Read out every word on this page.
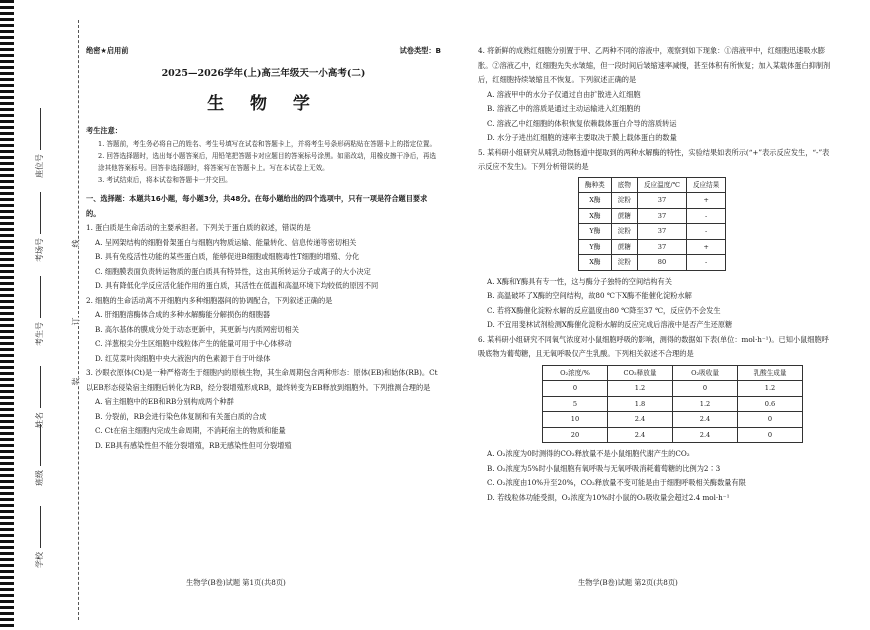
座位号
考场号
考生号
姓名
班级
学校
线
订
装
绝密★启用前	试卷类型：B
2025—2026学年(上)高三年级天一小高考(二)
生 物 学
考生注意：
1. 答题前，考生务必将自己的姓名、考生号填写在试卷和答题卡上，并将考生号条形码粘贴在答题卡上的指定位置。
2. 回答选择题时，选出每小题答案后，用铅笔把答题卡对应题目的答案标号涂黑。如需改动，用橡皮擦干净后，再选涂其他答案标号。回答非选择题时，将答案写在答题卡上。写在本试卷上无效。
3. 考试结束后，将本试卷和答题卡一并交回。
一、选择题：本题共16小题，每小题3分，共48分。在每小题给出的四个选项中，只有一项是符合题目要求的。
1. 蛋白质是生命活动的主要承担者。下列关于蛋白质的叙述，错误的是
A. 呈网架结构的细胞骨架蛋白与细胞内物质运输、能量转化、信息传递等密切相关
B. 具有免疫活性功能的某些蛋白质，能够促进B细胞或细胞毒性T细胞的增殖、分化
C. 细胞膜表面负责转运物质的蛋白质具有特异性，这由其所转运分子或离子的大小决定
D. 具有降低化学反应活化能作用的蛋白质，其活性在低温和高温环境下均较低的原因不同
2. 细胞的生命活动离不开细胞内多种细胞器间的协调配合，下列叙述正确的是
A. 肝细胞溶酶体合成的多种水解酶能分解损伤的细胞器
B. 高尔基体的膜成分处于动态更新中，其更新与内质网密切相关
C. 洋葱根尖分生区细胞中线粒体产生的能量可用于中心体移动
D. 红苋菜叶肉细胞中央大液泡内的色素源于自于叶绿体
3. 沙眼衣原体(Ct)是一种严格寄生于细胞内的原核生物，其生命周期包含两种形态：原体(EB)和始体(RB)。Ct以EB形态侵染宿主细胞后转化为RB，经分裂增殖形成RB，最终转变为EB释放到细胞外。下列推测合理的是
A. 宿主细胞中的EB和RB分别构成两个种群
B. 分裂前，RB会进行染色体复制和有关蛋白质的合成
C. Ct在宿主细胞内完成生命周期，不消耗宿主的物质和能量
D. EB具有感染性但不能分裂增殖，RB无感染性但可分裂增殖
生物学(B卷)试题 第1页(共8页)
4. 将新鲜的成熟红细胞分别置于甲、乙两种不同的溶液中，观察到如下现象：①溶液甲中，红细胞迅速吸水膨胀。②溶液乙中，红细胞先失水皱缩，但一段时间后皱缩速率减慢，甚至体积有所恢复；加入某载体蛋白抑制剂后，红细胞持续皱缩且不恢复。下列叙述正确的是
A. 溶液甲中的水分子仅通过自由扩散进入红细胞
B. 溶液乙中的溶质是通过主动运输进入红细胞的
C. 溶液乙中红细胞的体积恢复依赖载体蛋白介导的溶质转运
D. 水分子进出红细胞的速率主要取决于膜上载体蛋白的数量
5. 某科研小组研究从哺乳动物肠道中提取到的两种水解酶的特性，实验结果如表所示(“+”表示反应发生，“-”表示反应不发生)。下列分析错误的是
酶种类	底物	反应温度/℃	反应结果
X酶	淀粉	37	+
X酶	蔗糖	37	-
Y酶	淀粉	37	-
Y酶	蔗糖	37	+
X酶	淀粉	80	-
A. X酶和Y酶具有专一性，这与酶分子独特的空间结构有关
B. 高温破坏了X酶的空间结构，故80 ℃下X酶不能催化淀粉水解
C. 若将X酶催化淀粉水解的反应温度由80 ℃降至37 ℃，反应仍不会发生
D. 不宜用斐林试剂检测X酶催化淀粉水解的反应完成后溶液中是否产生还原糖
6. 某科研小组研究不同氧气浓度对小鼠细胞呼吸的影响，测得的数据如下表(单位：mol·h⁻¹)。已知小鼠细胞呼吸底物为葡萄糖，且无氧呼吸仅产生乳酸。下列相关叙述不合理的是
O₂浓度/%	CO₂释放量	O₂吸收量	乳酸生成量
0	1.2	0	1.2
5	1.8	1.2	0.6
10	2.4	2.4	0
20	2.4	2.4	0
A. O₂浓度为0时测得的CO₂释放量不是小鼠细胞代谢产生的CO₂
B. O₂浓度为5%时小鼠细胞有氧呼吸与无氧呼吸消耗葡萄糖的比例为2∶3
C. O₂浓度由10%升至20%，CO₂释放量不变可能是由于细胞呼吸相关酶数量有限
D. 若线粒体功能受损，O₂浓度为10%时小鼠的O₂吸收量会超过2.4 mol·h⁻¹
生物学(B卷)试题 第2页(共8页)
